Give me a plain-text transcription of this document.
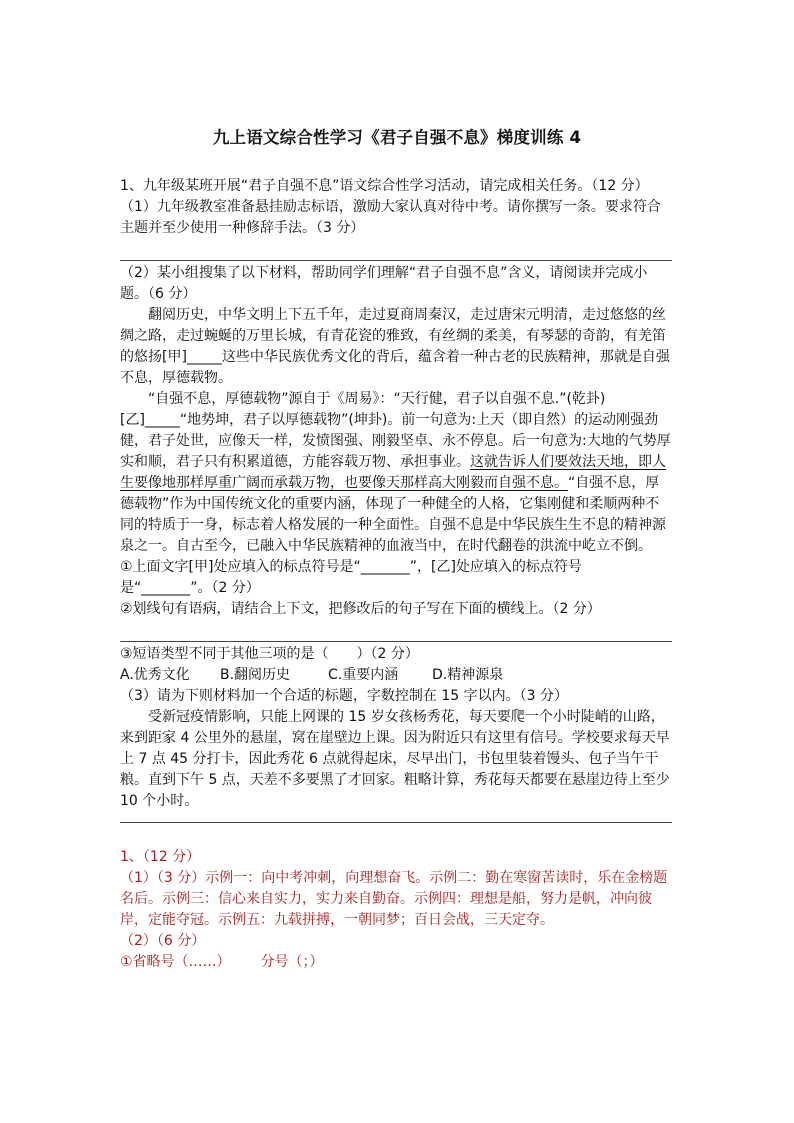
九上语文综合性学习《君子自强不息》梯度训练 4

1、九年级某班开展“君子自强不息”语文综合性学习活动，请完成相关任务。（12 分）

（1）九年级教室准备悬挂励志标语，激励大家认真对待中考。请你撰写一条。要求符合主题并至少使用一种修辞手法。（3 分）

（2）某小组搜集了以下材料，帮助同学们理解“君子自强不息”含义，请阅读并完成小题。（6 分）

翻阅历史，中华文明上下五千年，走过夏商周秦汉，走过唐宋元明清，走过悠悠的丝绸之路，走过蜿蜒的万里长城，有青花瓷的雅致，有丝绸的柔美，有琴瑟的奇韵，有羌笛的悠扬[甲]_____这些中华民族优秀文化的背后，蕴含着一种古老的民族精神，那就是自强不息，厚德载物。

“自强不息，厚德载物”源自于《周易》：“天行健，君子以自强不息.”(乾卦)[乙]_____“地势坤，君子以厚德载物”(坤卦)。前一句意为:上天（即自然）的运动刚强劲健，君子处世，应像天一样，发愤图强、刚毅坚卓、永不停息。后一句意为:大地的气势厚实和顺，君子只有积累道德，方能容载万物、承担事业。这就告诉人们要效法天地，即人生要像地那样厚重广阔而承载万物，也要像天那样高大刚毅而自强不息。“自强不息，厚德载物”作为中国传统文化的重要内涵，体现了一种健全的人格，它集刚健和柔顺两种不同的特质于一身，标志着人格发展的一种全面性。自强不息是中华民族生生不息的精神源泉之一。自古至今，已融入中华民族精神的血液当中，在时代翻卷的洪流中屹立不倒。

①上面文字[甲]处应填入的标点符号是“_______”，[乙]处应填入的标点符号是“_______”。（2 分）

②划线句有语病，请结合上下文，把修改后的句子写在下面的横线上。（2 分）

③短语类型不同于其他三项的是（　　）（2 分）

A.优秀文化 B.翻阅历史	C.重要内涵 D.精神源泉

（3）请为下则材料加一个合适的标题，字数控制在 15 字以内。（3 分）

受新冠疫情影响，只能上网课的 15 岁女孩杨秀花，每天要爬一个小时陡峭的山路，来到距家 4 公里外的悬崖，窝在崖壁边上课。因为附近只有这里有信号。学校要求每天早上 7 点 45 分打卡，因此秀花 6 点就得起床，尽早出门，书包里装着馒头、包子当午干粮。直到下午 5 点，天差不多要黑了才回家。粗略计算，秀花每天都要在悬崖边待上至少 10 个小时。

1、（12 分）

（1）（3 分）示例一：向中考冲刺，向理想奋飞。示例二：勤在寒窗苦读时，乐在金榜题名后。示例三：信心来自实力，实力来自勤奋。示例四：理想是船，努力是帆，冲向彼岸，定能夺冠。示例五：九载拼搏，一朝同梦；百日会战，三天定夺。

（2）（6 分）

①省略号（……） 分号（；）
